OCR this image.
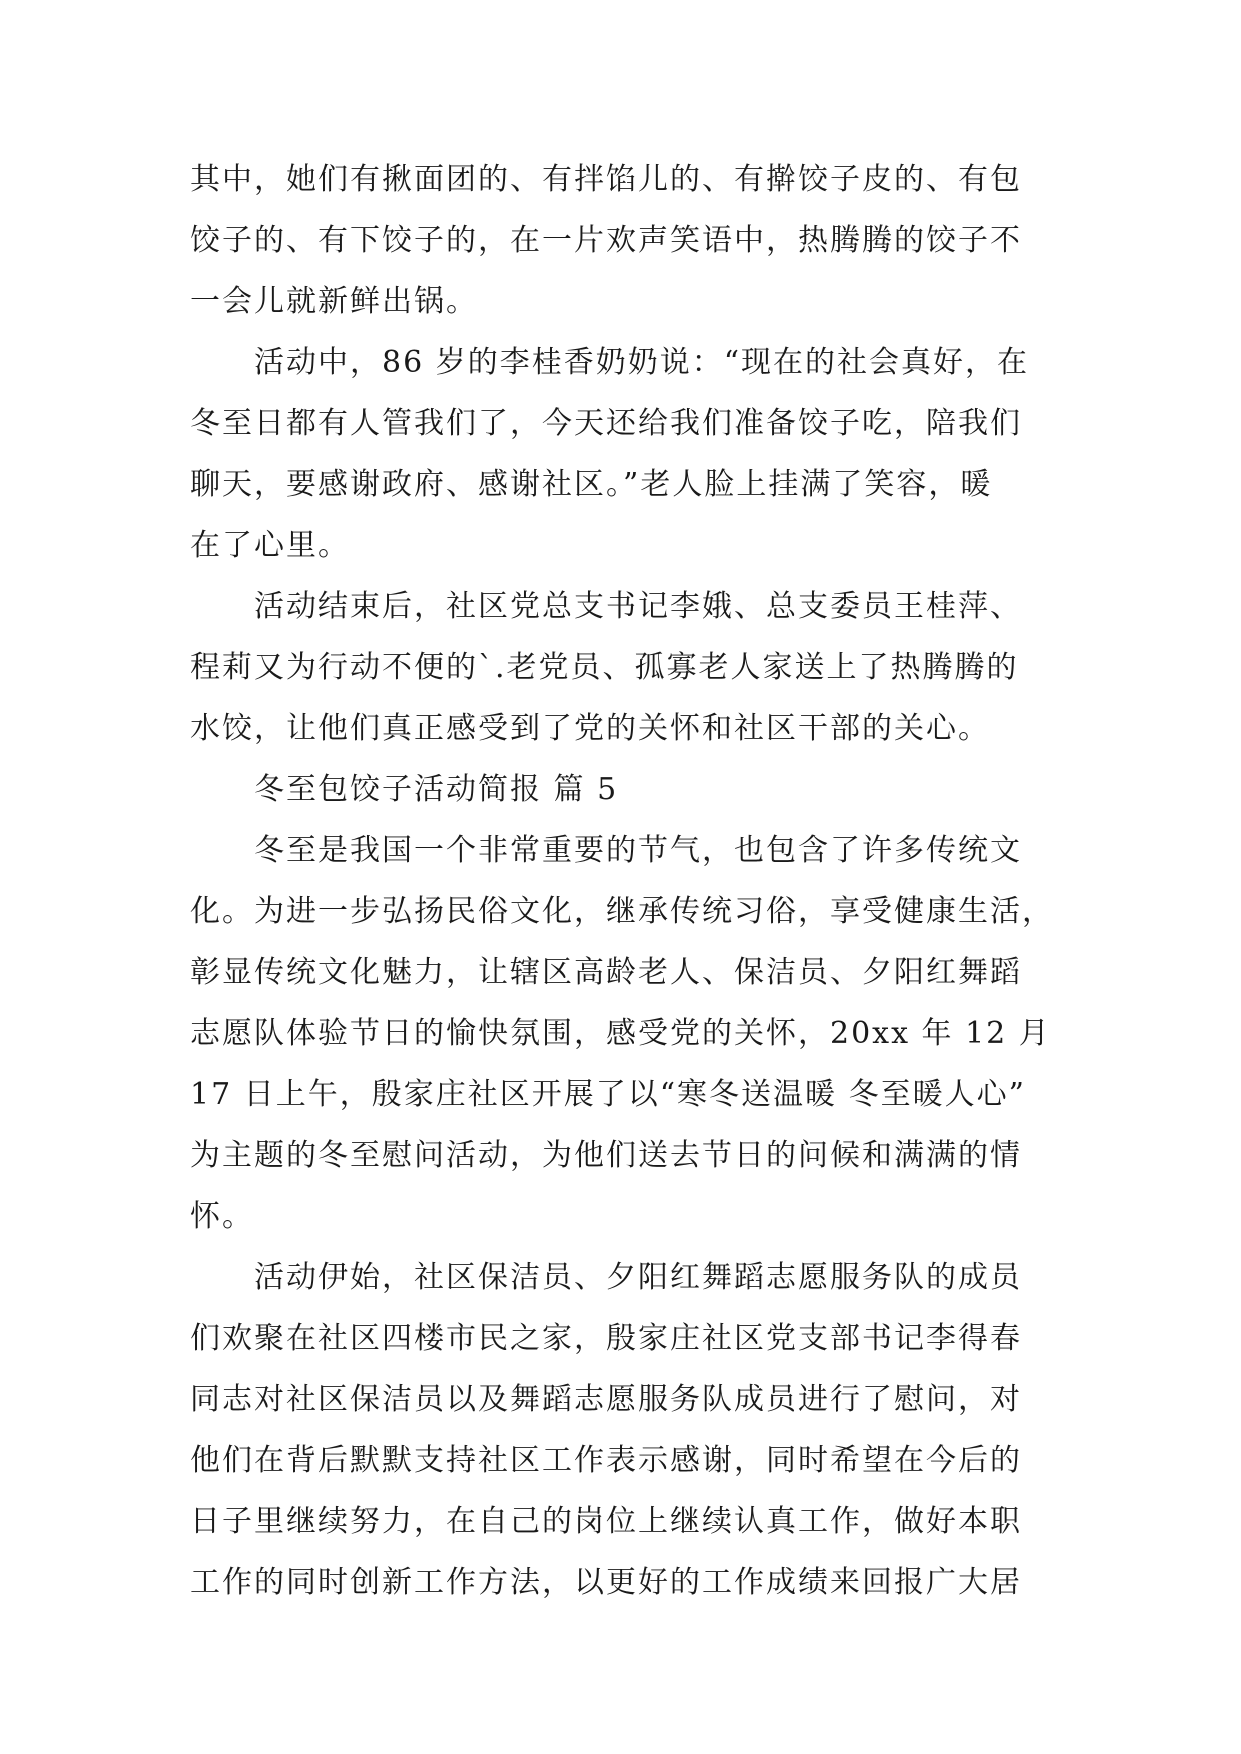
其中，她们有揪面团的、有拌馅儿的、有擀饺子皮的、有包
饺子的、有下饺子的，在一片欢声笑语中，热腾腾的饺子不
一会儿就新鲜出锅。
活动中，86 岁的李桂香奶奶说：“现在的社会真好，在
冬至日都有人管我们了，今天还给我们准备饺子吃，陪我们
聊天，要感谢政府、感谢社区。”老人脸上挂满了笑容，暖
在了心里。
活动结束后，社区党总支书记李娥、总支委员王桂萍、
程莉又为行动不便的`.老党员、孤寡老人家送上了热腾腾的
水饺，让他们真正感受到了党的关怀和社区干部的关心。
冬至包饺子活动简报 篇 5
冬至是我国一个非常重要的节气，也包含了许多传统文
化。为进一步弘扬民俗文化，继承传统习俗，享受健康生活，
彰显传统文化魅力，让辖区高龄老人、保洁员、夕阳红舞蹈
志愿队体验节日的愉快氛围，感受党的关怀，20xx 年 12 月
17 日上午，殷家庄社区开展了以“寒冬送温暖 冬至暖人心”
为主题的冬至慰问活动，为他们送去节日的问候和满满的情
怀。
活动伊始，社区保洁员、夕阳红舞蹈志愿服务队的成员
们欢聚在社区四楼市民之家，殷家庄社区党支部书记李得春
同志对社区保洁员以及舞蹈志愿服务队成员进行了慰问，对
他们在背后默默支持社区工作表示感谢，同时希望在今后的
日子里继续努力，在自己的岗位上继续认真工作，做好本职
工作的同时创新工作方法，以更好的工作成绩来回报广大居
